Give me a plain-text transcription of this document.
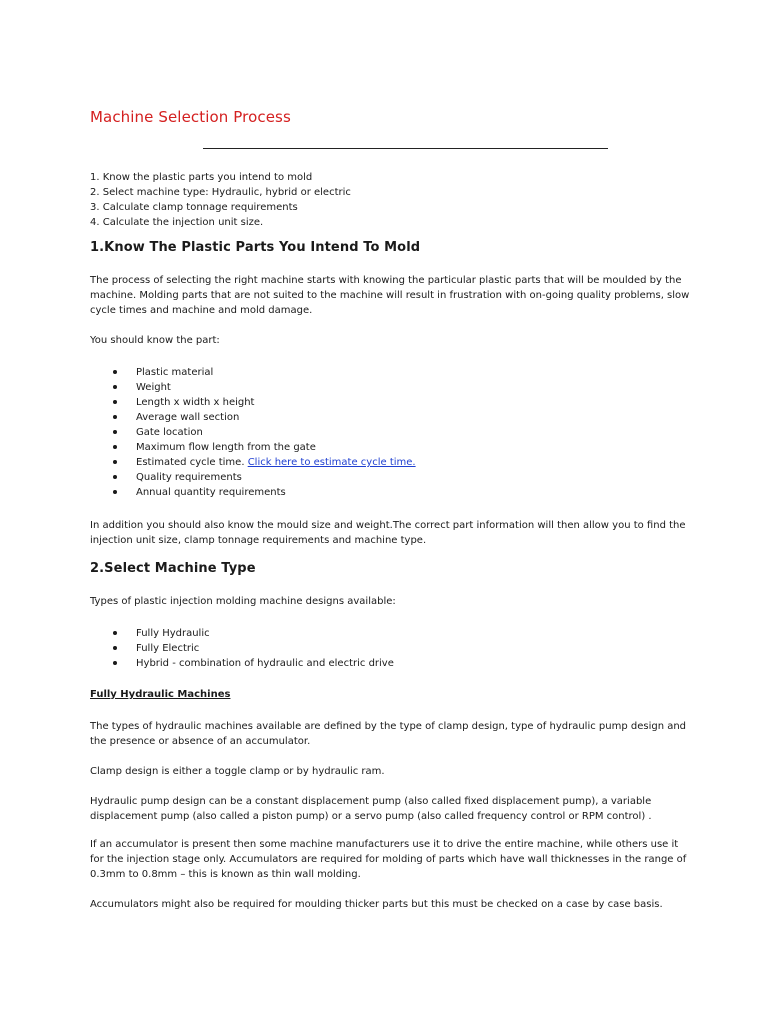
Machine Selection Process
1. Know the plastic parts you intend to mold
2. Select machine type: Hydraulic, hybrid or electric
3. Calculate clamp tonnage requirements
4. Calculate the injection unit size.
1.Know The Plastic Parts You Intend To Mold

The process of selecting the right machine starts with knowing the particular plastic parts that will be moulded by the machine. Molding parts that are not suited to the machine will result in frustration with on-going quality problems, slow cycle times and machine and mold damage.

You should know the part:

Plastic material
Weight
Length x width x height
Average wall section
Gate location
Maximum flow length from the gate
Estimated cycle time. Click here to estimate cycle time.
Quality requirements
Annual quantity requirements

In addition you should also know the mould size and weight.The correct part information will then allow you to find the injection unit size, clamp tonnage requirements and machine type.

2.Select Machine Type

Types of plastic injection molding machine designs available:

Fully Hydraulic
Fully Electric
Hybrid - combination of hydraulic and electric drive
Fully Hydraulic Machines

The types of hydraulic machines available are defined by the type of clamp design, type of hydraulic pump design and the presence or absence of an accumulator.

Clamp design is either a toggle clamp or by hydraulic ram.

Hydraulic pump design can be a constant displacement pump (also called fixed displacement pump), a variable displacement pump (also called a piston pump) or a servo pump (also called frequency control or RPM control) .

If an accumulator is present then some machine manufacturers use it to drive the entire machine, while others use it for the injection stage only. Accumulators are required for molding of parts which have wall thicknesses in the range of 0.3mm to 0.8mm – this is known as thin wall molding.

Accumulators might also be required for moulding thicker parts but this must be checked on a case by case basis.
